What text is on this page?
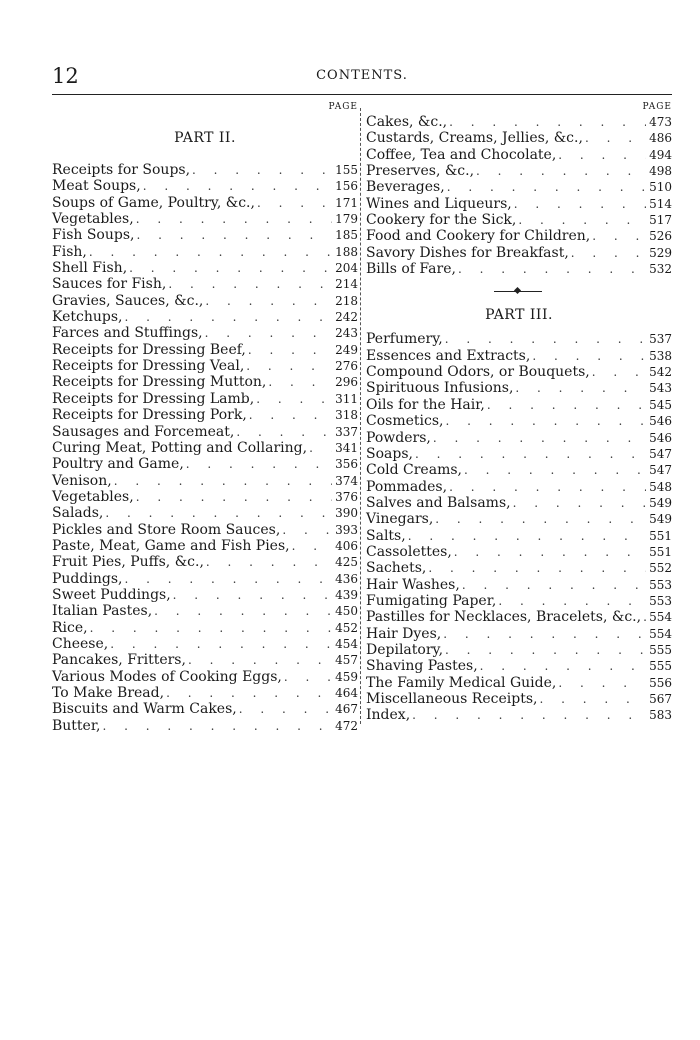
12	CONTENTS.
PAGE
PART II.
Receipts for Soups, . . .	155
Meat Soups, . . .	156
Soups of Game, Poultry, &c., . . .	171
Vegetables, . . .	179
Fish Soups, . . .	185
Fish, . . .	188
Shell Fish, . . .	204
Sauces for Fish, . . .	214
Gravies, Sauces, &c., . . .	218
Ketchups, . . .	242
Farces and Stuffings, . . .	243
Receipts for Dressing Beef, . . .	249
Receipts for Dressing Veal, . . .	276
Receipts for Dressing Mutton, . . .	296
Receipts for Dressing Lamb, . . .	311
Receipts for Dressing Pork, . . .	318
Sausages and Forcemeat, . . .	337
Curing Meat, Potting and Collaring, . . . 341
Poultry and Game, . . .	356
Venison, . . .	374
Vegetables, . . .	376
Salads, . . .	390
Pickles and Store Room Sauces, . . .	393
Paste, Meat, Game and Fish Pies, . . .	406
Fruit Pies, Puffs, &c., . . .	425
Puddings, . . .	436
Sweet Puddings, . . .	439
Italian Pastes, . . .	450
Rice, . . .	452
Cheese, . . .	454
Pancakes, Fritters, . . .	457
Various Modes of Cooking Eggs, . . .	459
To Make Bread, . . .	464
Biscuits and Warm Cakes, . . .	467
Butter, . . .	472
PAGE
Cakes, &c., . . .	473
Custards, Creams, Jellies, &c., . . .	486
Coffee, Tea and Chocolate, . . .	494
Preserves, &c., . . .	498
Beverages, . . .	510
Wines and Liqueurs, . . .	514
Cookery for the Sick, . . .	517
Food and Cookery for Children, . . .	526
Savory Dishes for Breakfast, . . .	529
Bills of Fare, . . .	532
PART III.
Perfumery, . . .	537
Essences and Extracts, . . .	538
Compound Odors, or Bouquets, . . .	542
Spirituous Infusions, . . .	543
Oils for the Hair, . . .	545
Cosmetics, . . .	546
Powders, . . .	546
Soaps, . . .	547
Cold Creams, . . .	547
Pommades, . . .	548
Salves and Balsams, . . .	549
Vinegars, . . .	549
Salts, . . .	551
Cassolettes, . . .	551
Sachets, . . .	552
Hair Washes, . . .	553
Fumigating Paper, . . .	553
Pastilles for Necklaces, Bracelets, &c., . . . 554
Hair Dyes, . . .	554
Depilatory, . . .	555
Shaving Pastes, . . .	555
The Family Medical Guide, . . .	556
Miscellaneous Receipts, . . .	567
Index, . . .	583
